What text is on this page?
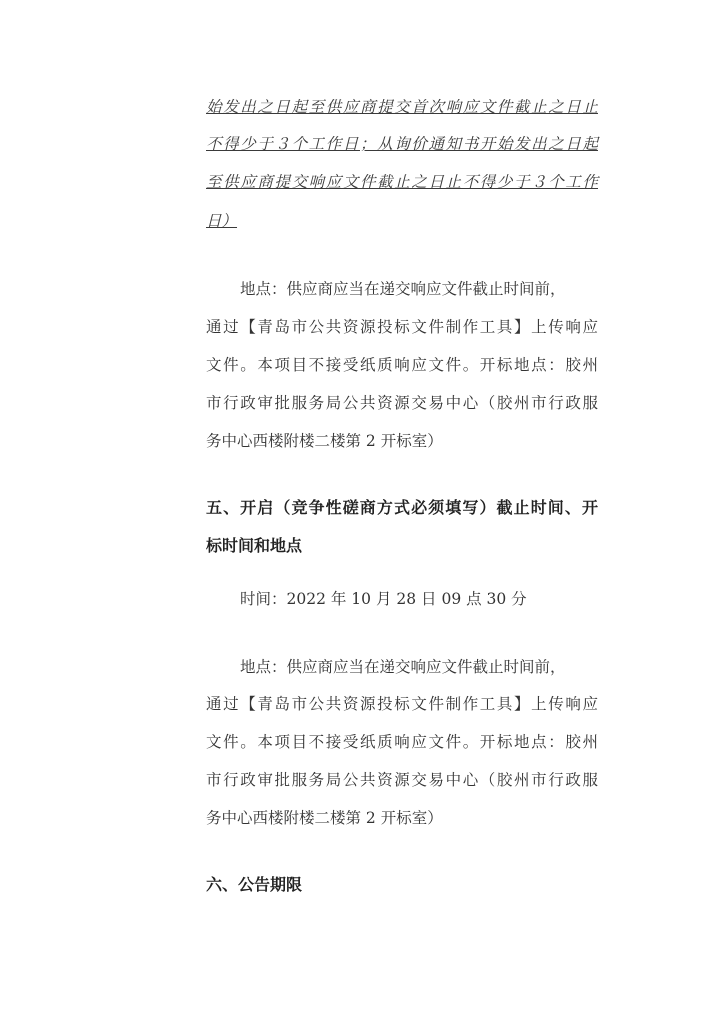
始发出之日起至供应商提交首次响应文件截止之日止
不得少于３个工作日；从询价通知书开始发出之日起
至供应商提交响应文件截止之日止不得少于３个工作
日）
地点：供应商应当在递交响应文件截止时间前，
通过【青岛市公共资源投标文件制作工具】上传响应
文件。本项目不接受纸质响应文件。开标地点：胶州
市行政审批服务局公共资源交易中心（胶州市行政服
务中心西楼附楼二楼第 2 开标室）
五、开启（竞争性磋商方式必须填写）截止时间、开
标时间和地点
时间：2022 年 10 月 28 日 09 点 30 分
地点：供应商应当在递交响应文件截止时间前，
通过【青岛市公共资源投标文件制作工具】上传响应
文件。本项目不接受纸质响应文件。开标地点：胶州
市行政审批服务局公共资源交易中心（胶州市行政服
务中心西楼附楼二楼第 2 开标室）
六、公告期限
